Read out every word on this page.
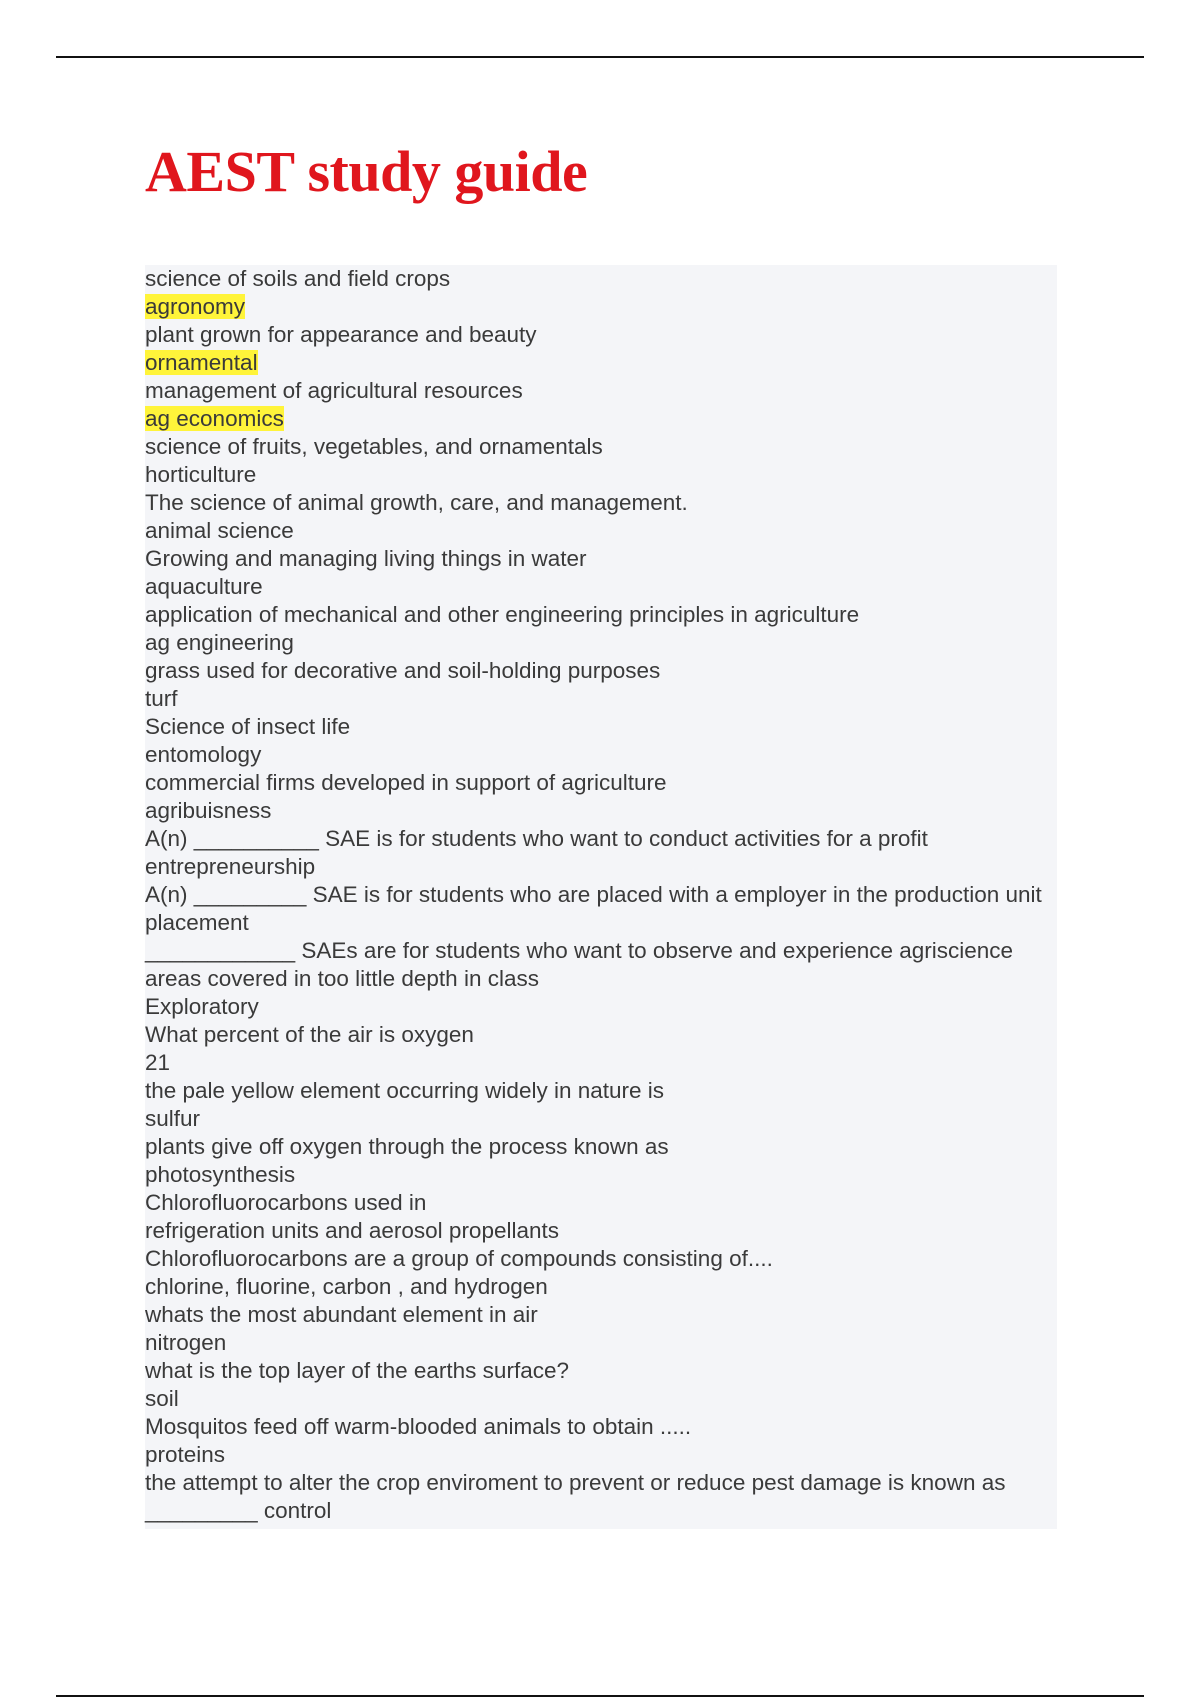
AEST study guide
science of soils and field crops
agronomy
plant grown for appearance and beauty
ornamental
management of agricultural resources
ag economics
science of fruits, vegetables, and ornamentals
horticulture
The science of animal growth, care, and management.
animal science
Growing and managing living things in water
aquaculture
application of mechanical and other engineering principles in agriculture
ag engineering
grass used for decorative and soil-holding purposes
turf
Science of insect life
entomology
commercial firms developed in support of agriculture
agribuisness
A(n) __________ SAE is for students who want to conduct activities for a profit
entrepreneurship
A(n) _________ SAE is for students who are placed with a employer in the production unit
placement
____________ SAEs are for students who want to observe and experience agriscience areas covered in too little depth in class
Exploratory
What percent of the air is oxygen
21
the pale yellow element occurring widely in nature is
sulfur
plants give off oxygen through the process known as
photosynthesis
Chlorofluorocarbons used in
refrigeration units and aerosol propellants
Chlorofluorocarbons are a group of compounds consisting of....
chlorine, fluorine, carbon , and hydrogen
whats the most abundant element in air
nitrogen
what is the top layer of the earths surface?
soil
Mosquitos feed off warm-blooded animals to obtain .....
proteins
the attempt to alter the crop enviroment to prevent or reduce pest damage is known as _________ control
